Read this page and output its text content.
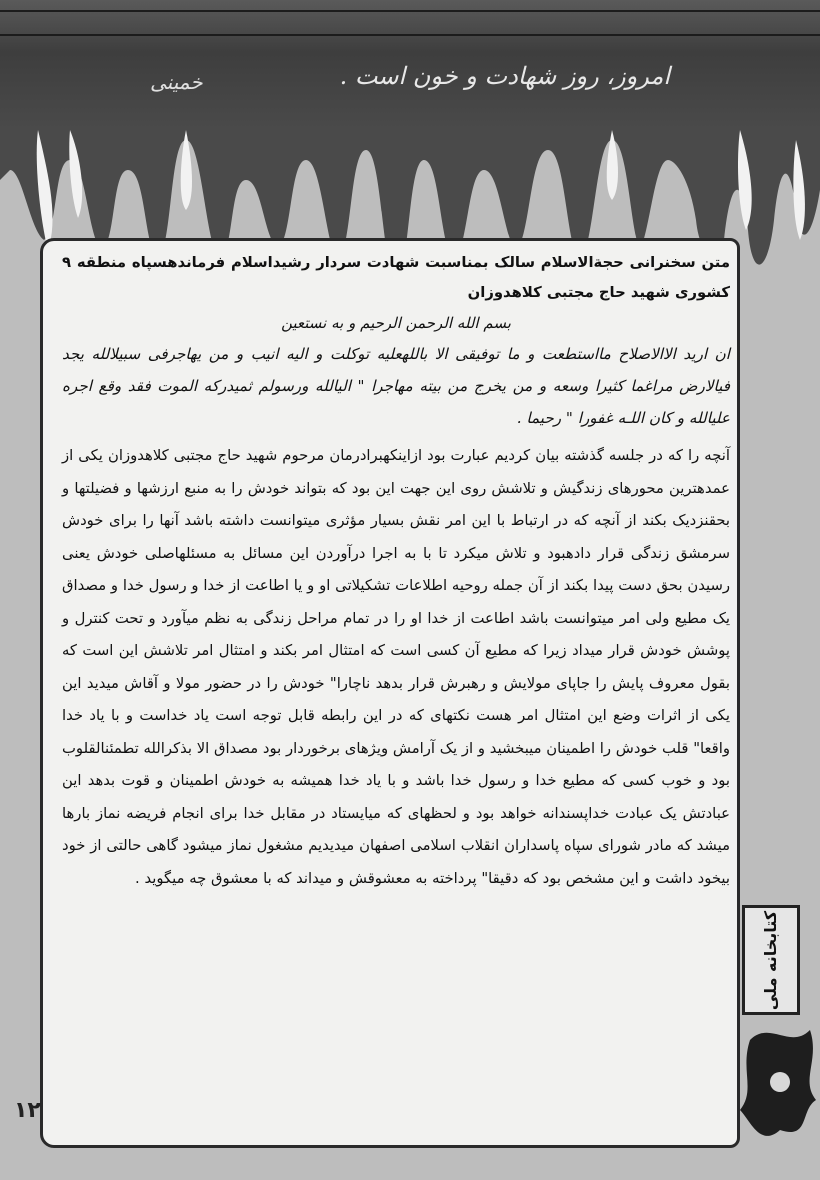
امروز، روز شهادت و خون است .
خمینی

متن سخنرانی حجةالاسلام سالک بمناسبت شهادت سردار رشیداسلام فرماندهسپاه منطقه ۹ کشوری شهید حاج مجتبی کلاهدوزان

بسم الله الرحمن الرحیم و به نستعین

ان ارید الاالاصلاح مااستطعت و ما توفیقی الا باللهعلیه توکلت و الیه انیب و من یهاجرفی سبیلالله یجد فیالارض مراغما کثیرا وسعه و من یخرج من بیته مهاجرا " الیالله ورسولم ثمیدرکه الموت فقد وقع اجره علیالله و کان اللـه غفورا " رحیما .

آنچه را که در جلسه گذشته بیان کردیم عبارت بود ازاینکهبرادرمان مرحوم شهید حاج مجتبی کلاهدوزان یکی از عمدهترین محورهای زندگیش و تلاشش روی این جهت این بود که بتواند خودش را به منبع ارزشها و فضیلتها و بحقنزدیک بکند از آنچه که در ارتباط با این امر نقش بسیار مؤثری میتوانست داشته باشد آنها را برای خودش سرمشق زندگی قرار دادهبود و تلاش میکرد تا با به اجرا درآوردن این مسائل به مسئلهاصلی خودش یعنی رسیدن بحق دست پیدا بکند از آن جمله روحیه اطلاعات تشکیلاتی او و یا اطاعت از خدا و رسول خدا و مصداق یک مطیع ولی امر میتوانست باشد اطاعت از خدا او را در تمام مراحل زندگی به نظم میآورد و تحت کنترل و پوشش خودش قرار میداد زیرا که مطیع آن کسی است که امتثال امر بکند و امتثال امر تلاشش این است که بقول معروف پایش را جاپای مولایش و رهبرش قرار بدهد ناچارا" خودش را در حضور مولا و آقاش میدید این یکی از اثرات وضع این امتثال امر هست نکتهای که در این رابطه قابل توجه است یاد خداست و با یاد خدا واقعا" قلب خودش را اطمینان میبخشید و از یک آرامش ویژهای برخوردار بود مصداق الا بذکرالله تطمئنالقلوب بود و خوب کسی که مطیع خدا و رسول خدا باشد و با یاد خدا همیشه به خودش اطمینان و قوت بدهد این عبادتش یک عبادت خداپسندانه خواهد بود و لحظهای که میایستاد در مقابل خدا برای انجام فریضه نماز بارها میشد که مادر شورای سپاه پاسداران انقلاب اسلامی اصفهان میدیدیم مشغول نماز میشود گاهی حالتی از خود بیخود داشت و این مشخص بود که دقیقا" پرداخته به معشوقش و میداند که با معشوق چه میگوید .

۱۲
کتابخانه ملی
